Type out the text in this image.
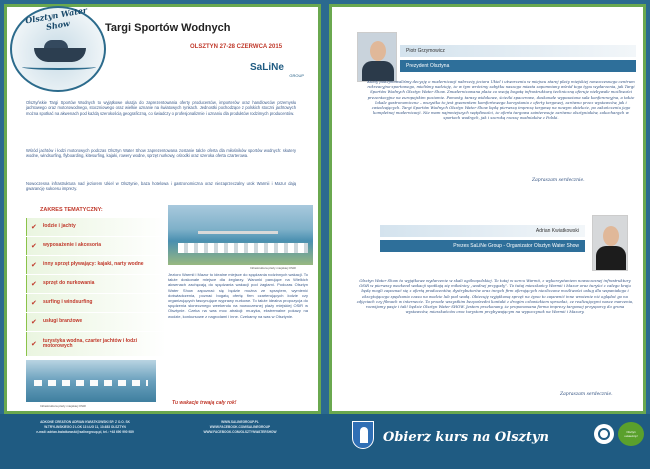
Olsztyn Water Show	Targi Sportów Wodnych
OLSZTYN 27-28 CZERWCA 2015
SaLiNe
GROUP
Olsztyńskie Targi Sportów Wodnych to wyjątkowe okazja do zaprezentowania oferty producentów, importerów oraz handlowców przemysłu jachtowego oraz motorowodnego, stoczniowego oraz wielkie uznanie na światowych rynkach. Jednostki pochodzące z polskich stoczni jachtowych można spotkać na akwenach pod każdą szerokością geograficzną, co świadczy o profesjonalizmie i uznaniu dla produktów rodzimych producentów.
Wśród jachtów i łodzi motorowych podczas Olsztyn Water Show zaprezentowana zostanie także oferta dla miłośników sportów wodnych: skutery wodne, windsurfing, flyboarding, kitesurfing, kajaki, rowery wodne, sprzęt nurkowy, ośrodki oraz szeroka oferta czarterowa.
Nowoczesna infrastruktura nad jeziorem Ukiel w Olsztynie, baza hotelowa i gastronomiczna oraz niezaprzeczalny urok Warmii i Mazur dają gwarancję sukcesu imprezy.
ZAKRES TEMATYCZNY:
✔	łodzie i jachty
✔	wyposażenie i akcesoria
✔	inny sprzęt pływający: kajaki, narty wodne
✔	sprzęt do nurkowania
✔	surfing i windsurfing
✔	usługi branżowe
✔
turystyka wodna, czarter jachtów i łodzi motorowych
Infrastruktura plaży miejskiej OSiR
Jezioro Warmii i Mazur to idealne miejsce do spędzania rodzinnych wakacji. To także doskonałe miejsce dla żeglarzy. Warunki panujące na Wielkich akwenach zachęcają do spędzania wakacji pod żaglami. Podczas Olsztyn Water Show zapoznać się będzie można ze sprzętem, wymienić doświadczenia, poznać bogatą ofertę firm czarterujących łodzie czy organizujących fascynujące wyprawy nurkowe. To także idealna propozycja do spędzenia słonecznego weekendu na nowoczesnej plaży miejskiej OSiR w Olsztynie. Czeka na was moc atrakcji: muzyka, ekstremalne pokazy na wodzie, konkursowe z nagrodami i inne. Czekamy na was w Olsztynie.
Infrastruktura plaży miejskiej OSiR	Tu wakacje trwają cały rok!
Piotr Grzymowicz
Prezydent Olsztyna
Kiedy podejmowaliśmy decyzję o modernizacji nabrzeży jeziora Ukiel i utworzeniu w miejscu starej plaży miejskiej nowoczesnego centrum rekreacyjno-sportowego, mieliśmy nadzieję, że w tym wrócimy zabytku naszego miasta zapomniany wśród tego typu wydarzenia, jak Targi Sportów Wodnych Olsztyn Water Show. Zmodernizowana plaża zo swoją bogatą infrastrukturą techniczną oferuje niebywałe możliwości prezentacyjne na europejskim poziomie. Pomosty, tarasy widokowe, ścieżki spacerowe, doskonałe wyposażona sala konferencyjna, a także lokale gastronomiczne – wszystko to jest gwarantem komfortowego korzystania z oferty targowej, zarówno przez wystawców, jak i zwiedzających. Targi Sportów Wodnych Olsztyn Water Show będą pierwszą imprezą targową na nowym obiekcie, po zakończeniu jego kompletnej modernizacji. Nie mam najmniejszych wątpliwości, że oferta targowa zainteresuje zarówno olsztyniaków, zakochanych w sportach wodnych, jak i szeroką rzeszę wodniaków z Polski.
Zapraszam serdecznie.
Adrian Kwiatkowski
Prezes SaLiNe Group - Organizator Olsztyn Water Show
Olsztyn Water Show to wyjątkowe wydarzenie w skali ogólnopolskiej. To tutaj w sercu Warmii, z wykorzystaniem nowoczesnej infrastruktury OSiR w pierwszy weekend wakacji spotkają się miłośnicy „wodnej przygody”. To tutaj mieszkańcy Warmii i Mazur oraz turyści z całego kraju będą mogli zapoznać się z ofertą producentów, dystrybutorów oraz innych firm oferujących niezliczone możliwości usług dla wspaniałego i ekscytującego spędzania czasu na wodzie lub pod wodą. Obiecuję wyjątkową sprzęt na żywo to zapewnić inne wrażenie niż oglądać go na zdjęciach czy filmach w internecie. To przede wszystkim bezpośredni kontakt z drogim człowiekiem sprzedaż, ze realizującymi nasze marzenia, rozwijamy pasje i tak! będzie Olsztyn Water SHOW. Jestem przekonany, że proponowana forma imprezy targowej przysporzy do grona wystawców, mieszkańców oraz turystom przybywającym na wypoczynek na Warmii i Mazury.
Zapraszam serdecznie.
ADKONE CREATION ADRIAN KWIATKOWSKI SP. Z O.O. SK
W.TRYLINSKIEGO 2 LOK 13 ŁUG 11, 10-683 OLSZTYN
e-mail: adrian.kwiatkowski@salinegroup.pl, tel.: +48 690 990 989
WWW.SALINEGROUP.PL
WWW.FACEBOOK.COM/SALINEGROUP
WWW.FACEBOOK.COM/OLSZTYNWATERSHOW	Obierz kurs na Olsztyn	Olsztyn ustawiony!
